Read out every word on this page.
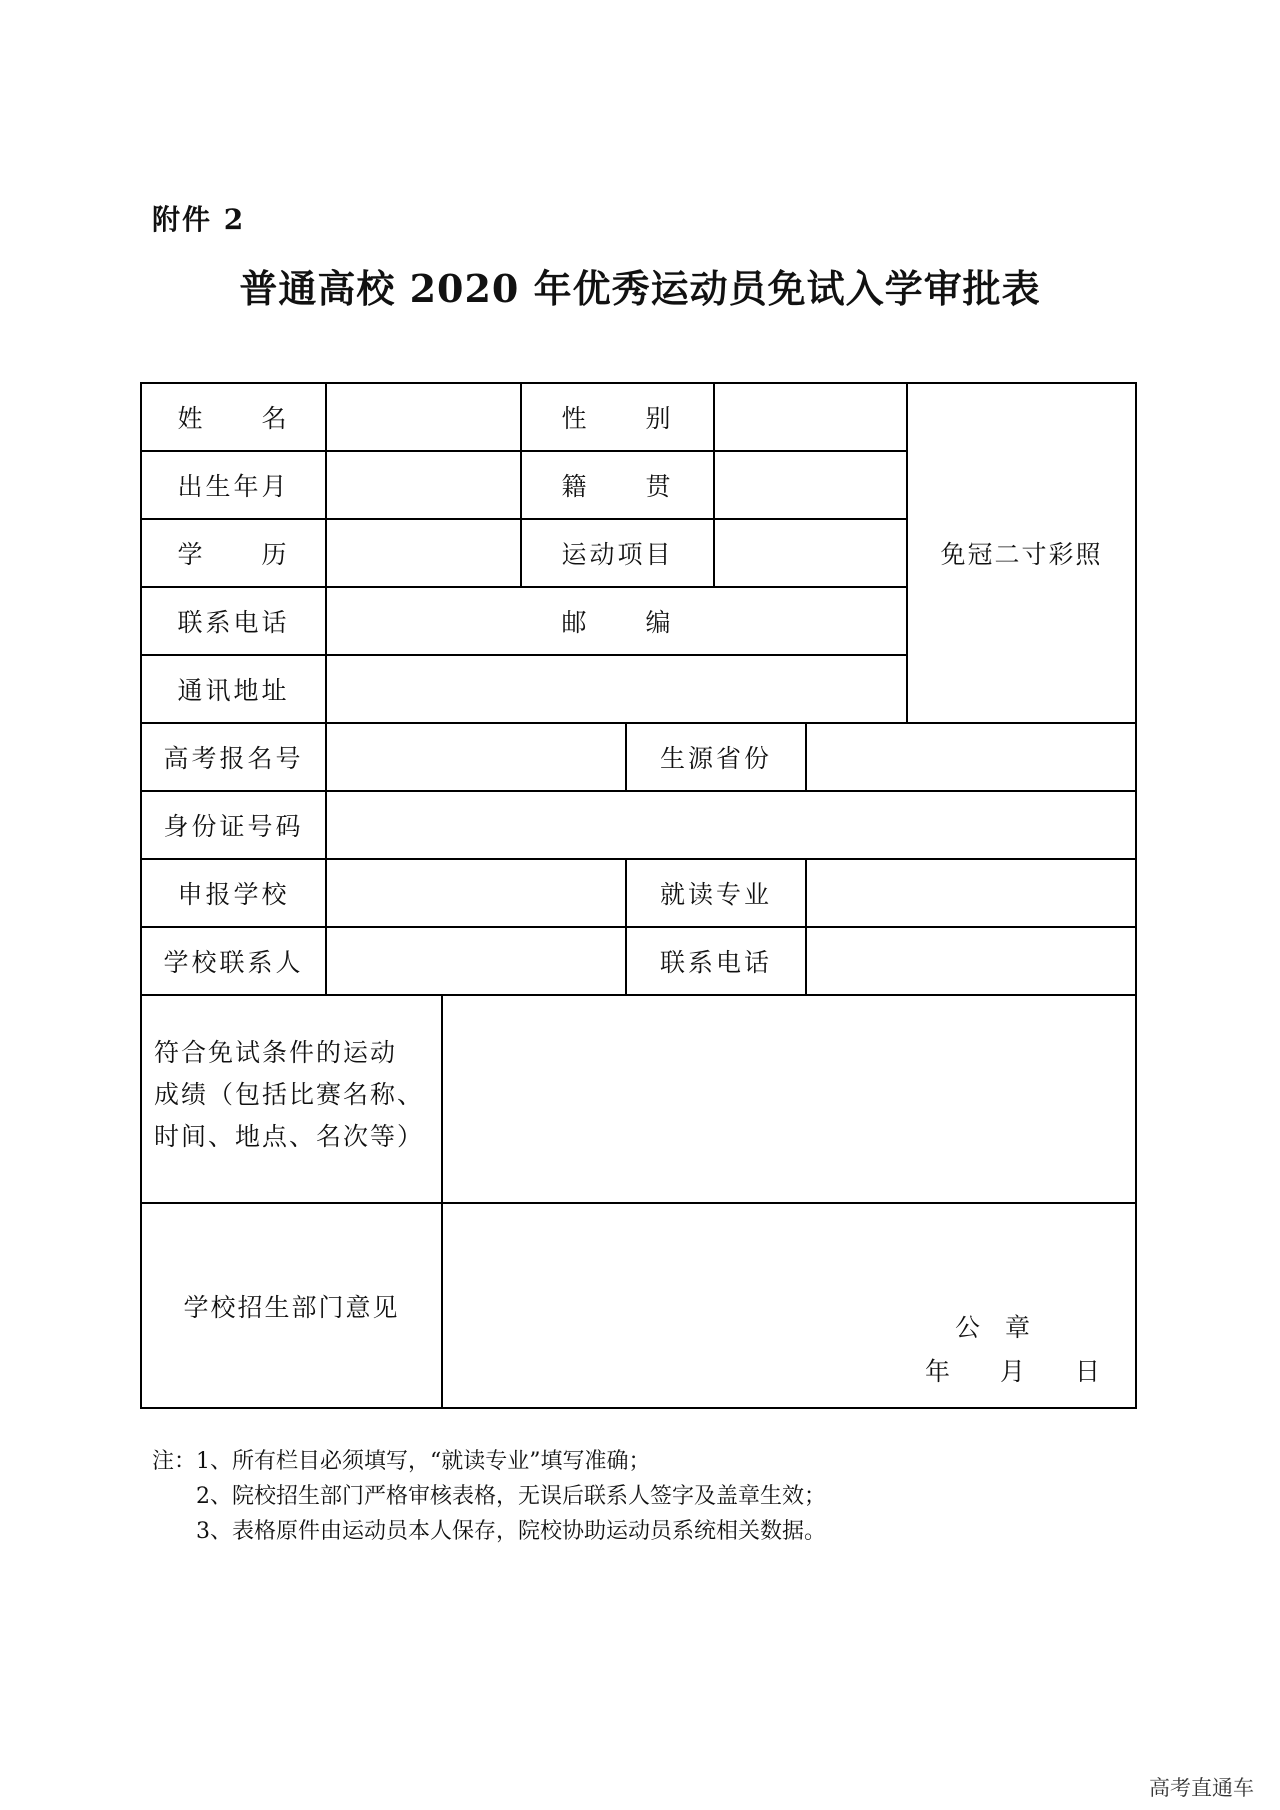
附件 2
普通高校 2020 年优秀运动员免试入学审批表
姓　　名	性　　别
出生年月	籍　　贯
学　　历	运动项目
联系电话	邮　　编
通讯地址
免冠二寸彩照
高考报名号	生源省份
身份证号码
申报学校	就读专业
学校联系人	联系电话
符合免试条件的运动
成绩（包括比赛名称、
时间、地点、名次等）
学校招生部门意见
公　章
年　　月　　日
注：1、所有栏目必须填写，“就读专业”填写准确；
　　2、院校招生部门严格审核表格，无误后联系人签字及盖章生效；
　　3、表格原件由运动员本人保存，院校协助运动员系统相关数据。
高考直通车
